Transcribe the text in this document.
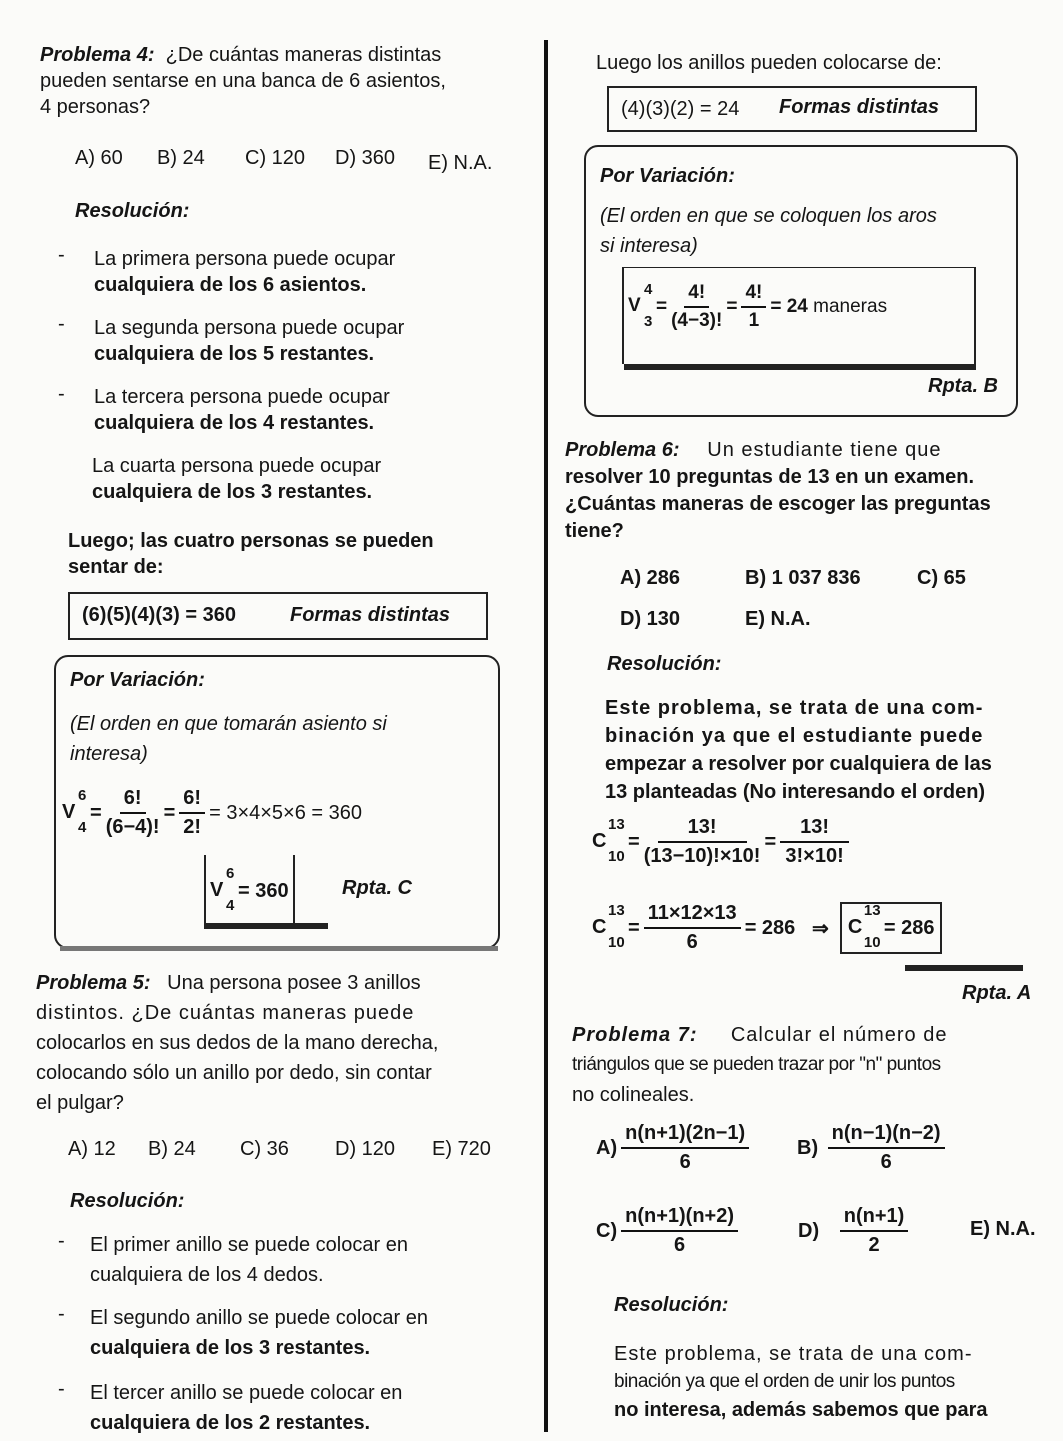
Problema 4: ¿De cuántas maneras distintas
pueden sentarse en una banca de 6 asientos,
4 personas?
A) 60 B) 24 C) 120 D) 360 E) N.A.
Resolución:
- La primera persona puede ocupar
cualquiera de los 6 asientos.
- La segunda persona puede ocupar
cualquiera de los 5 restantes.
- La tercera persona puede ocupar
cualquiera de los 4 restantes.
La cuarta persona puede ocupar
cualquiera de los 3 restantes.
Luego; las cuatro personas se pueden
sentar de:
(6)(5)(4)(3) = 360	Formas distintas
Por Variación:
(El orden en que tomarán asiento si
interesa)
V
6
4
= $\frac{6!}{(6-4)!} = \frac{6!}{2!} = 3\times 4\times 5\times 6 = 360$
V
6
4
= 360	Rpta. C
Problema 5: Una persona posee 3 anillos
distintos. ¿De cuántas maneras puede
colocarlos en sus dedos de la mano derecha,
colocando sólo un anillo por dedo, sin contar
el pulgar?
A) 12 B) 24 C) 36 D) 120 E) 720
Resolución:
- El primer anillo se puede colocar en
cualquiera de los 4 dedos.
- El segundo anillo se puede colocar en
cualquiera de los 3 restantes.
- El tercer anillo se puede colocar en
cualquiera de los 2 restantes.
Luego los anillos pueden colocarse de:
(4)(3)(2) = 24 Formas distintas
Por Variación:
(El orden en que se coloquen los aros
si interesa)
V
4
3
= $\frac{4!}{(4-3)!} = \frac{4!}{1} = 24$
maneras
Rpta. B
Problema 6: Un estudiante tiene que
resolver 10 preguntas de 13 en un examen.
¿Cuántas maneras de escoger las preguntas
tiene?
A) 286	B) 1 037 836	C) 65
D) 130	E) N.A.
Resolución:
Este problema, se trata de una com-
binación ya que el estudiante puede
empezar a resolver por cualquiera de las
13 planteadas (No interesando el orden)
C
13
10
= $\frac{13!}{(13-10)!\times 10!} = \frac{13!}{3!\times 10!}$
C
13
10
= $\frac{11\times 12\times 13}{6} = 286$
⇒
C
13
10
= 286
Rpta. A
Problema 7: Calcular el número de
triángulos que se pueden trazar por "n" puntos
no colineales.
$A) \frac{n(n+1)(2n-1)}{6} B$)
$\frac{n(n-1)(n-2)}{6}$
$C) \frac{n(n+1)(n+2)}{6}$	D)
$\frac{n(n+1)}{2}$	E) N.A.
Resolución:
Este problema, se trata de una com-
binación ya que el orden de unir los puntos
no interesa, además sabemos que para
